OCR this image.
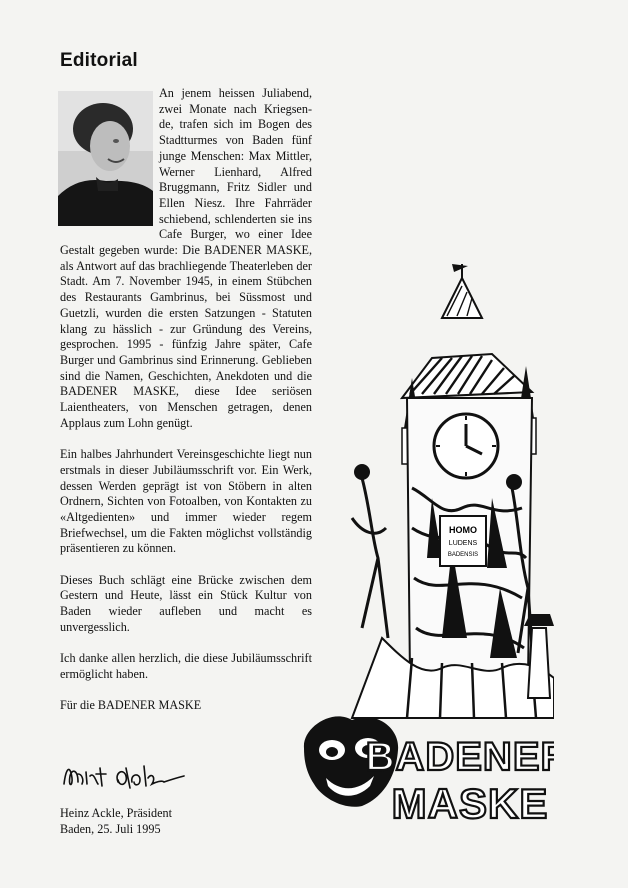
Editorial

An jenem heissen Juliabend, zwei Monate nach Kriegsen-de, trafen sich im Bogen des Stadtturmes von Baden fünf junge Menschen: Max Mittler, Werner Lienhard, Alfred Bruggmann, Fritz Sidler und Ellen Niesz. Ihre Fahrräder schiebend, schlenderten sie ins Cafe Burger, wo einer Idee Gestalt gegeben wurde: Die BADENER MASKE, als Antwort auf das brachliegende Theaterleben der Stadt. Am 7. November 1945, in einem Stübchen des Restaurants Gambrinus, bei Süssmost und Guetzli, wurden die ersten Satzungen - Statuten klang zu hässlich - zur Gründung des Vereins, gesprochen. 1995 - fünfzig Jahre später, Cafe Burger und Gambrinus sind Erinnerung. Geblieben sind die Namen, Geschichten, Anekdoten und die BADENER MASKE, diese Idee seriösen Laientheaters, von Menschen getragen, denen Applaus zum Lohn genügt.

Ein halbes Jahrhundert Vereinsgeschichte liegt nun erstmals in dieser Jubiläumsschrift vor. Ein Werk, dessen Werden geprägt ist von Stöbern in alten Ordnern, Sichten von Fotoalben, von Kontakten zu «Altgedienten» und immer wieder regem Briefwechsel, um die Fakten möglichst vollständig präsentieren zu können.

Dieses Buch schlägt eine Brücke zwischen dem Gestern und Heute, lässt ein Stück Kultur von Baden wieder aufleben und macht es unvergesslich.

Ich danke allen herzlich, die diese Jubiläumsschrift ermöglicht haben.

Für die BADENER MASKE

Heinz Ackle, Präsident
Baden, 25. Juli 1995
HOMO
LUDENS
BADENSIS
BADENER
MASKE
